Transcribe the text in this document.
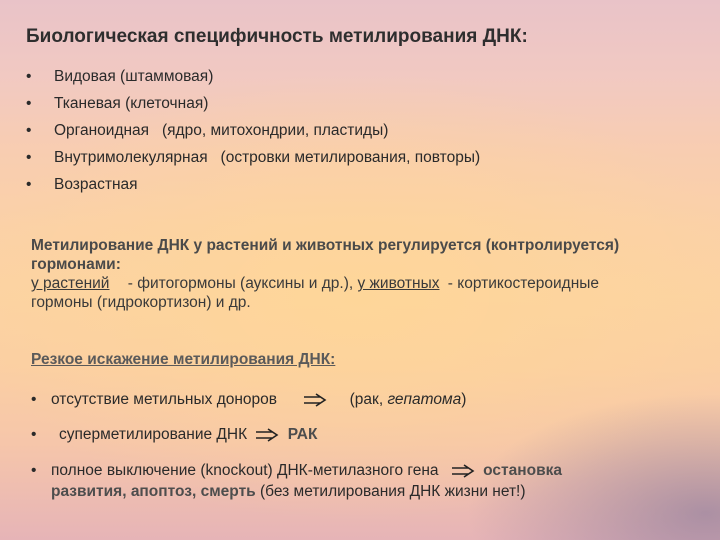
Биологическая специфичность метилирования ДНК:
•	Видовая (штаммовая)
•	Тканевая (клеточная)
•	Органоидная   (ядро, митохондрии, пластиды)
•	Внутримолекулярная   (островки метилирования, повторы)
•	Возрастная
Метилирование ДНК у растений и животных регулируется (контролируется)
гормонами:
у растений - фитогормоны (ауксины и др.), у животных - кортикостероидные
гормоны (гидрокортизон) и др.
Резкое искажение метилирования ДНК:
• отсутствие метильных доноров	(рак, гепатома)
•	суперметилирование ДНК	РАК
• полное выключение (knockout) ДНК-метилазного гена	остановка
развития, апоптоз, смерть (без метилирования ДНК жизни нет!)
